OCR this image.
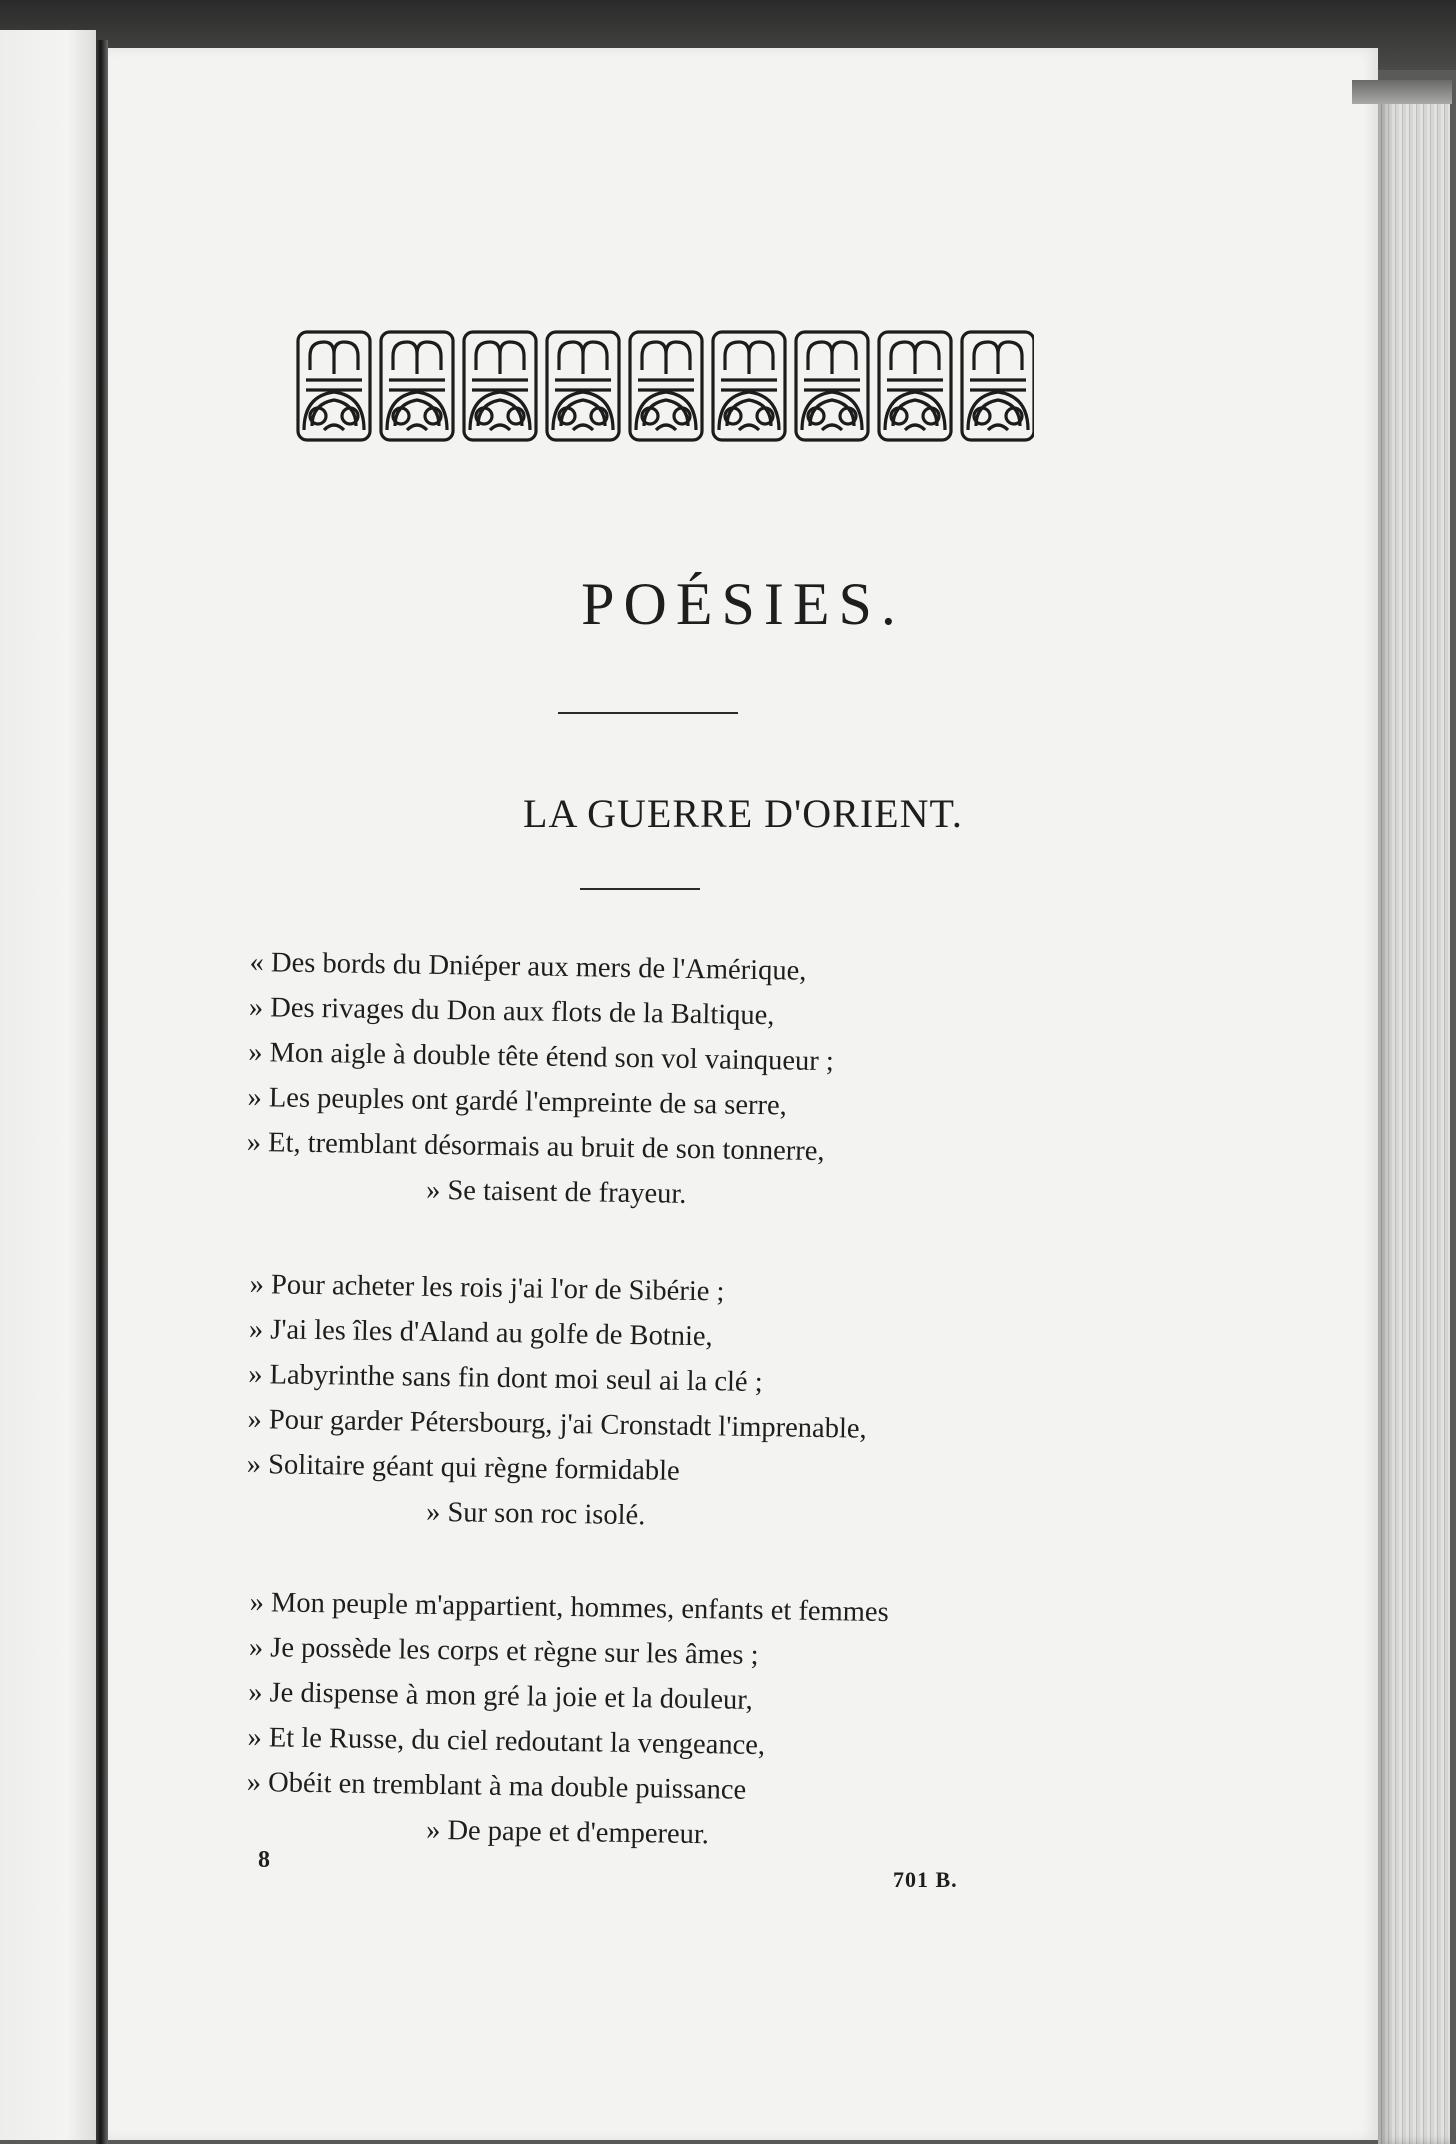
POÉSIES.
LA GUERRE D'ORIENT.
« Des bords du Dniéper aux mers de l'Amérique,
» Des rivages du Don aux flots de la Baltique,
» Mon aigle à double tête étend son vol vainqueur ;
» Les peuples ont gardé l'empreinte de sa serre,
» Et, tremblant désormais au bruit de son tonnerre,
» Se taisent de frayeur.
» Pour acheter les rois j'ai l'or de Sibérie ;
» J'ai les îles d'Aland au golfe de Botnie,
» Labyrinthe sans fin dont moi seul ai la clé ;
» Pour garder Pétersbourg, j'ai Cronstadt l'imprenable,
» Solitaire géant qui règne formidable
» Sur son roc isolé.
» Mon peuple m'appartient, hommes, enfants et femmes
» Je possède les corps et règne sur les âmes ;
» Je dispense à mon gré la joie et la douleur,
» Et le Russe, du ciel redoutant la vengeance,
» Obéit en tremblant à ma double puissance
» De pape et d'empereur.
8
701 B.
